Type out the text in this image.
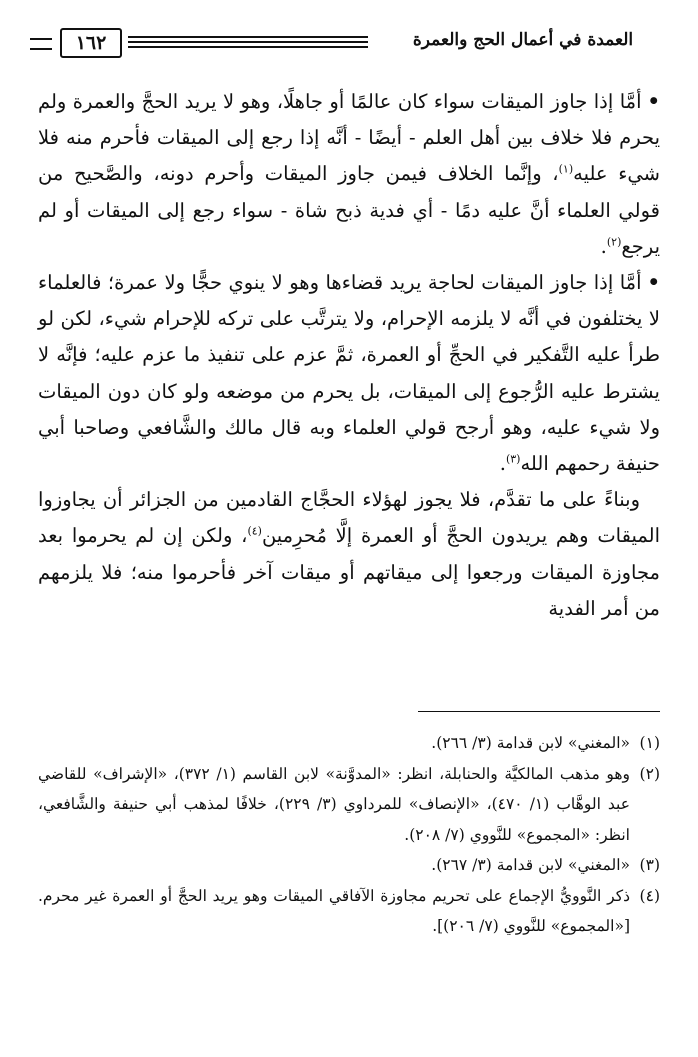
١٦٢	العمدة في أعمال الحج والعمرة

•أمَّا إذا جاوز الميقات سواء كان عالمًا أو جاهلًا، وهو لا يريد الحجَّ والعمرة ولم يحرم فلا خلاف بين أهل العلم - أيضًا - أنَّه إذا رجع إلى الميقات فأحرم منه فلا شيء عليه$^{(١)}$، وإنَّما الخلاف فيمن جاوز الميقات وأحرم دونه، والصَّحيح من قولي العلماء أنَّ عليه دمًا - أي فدية ذبح شاة - سواء رجع إلى الميقات أو لم يرجع$^{(٢)}$.

•أمَّا إذا جاوز الميقات لحاجة يريد قضاءها وهو لا ينوي حجًّا ولا عمرة؛ فالعلماء لا يختلفون في أنَّه لا يلزمه الإحرام، ولا يترتَّب على تركه للإحرام شيء، لكن لو طرأ عليه التَّفكير في الحجِّ أو العمرة، ثمَّ عزم على تنفيذ ما عزم عليه؛ فإنَّه لا يشترط عليه الرُّجوع إلى الميقات، بل يحرم من موضعه ولو كان دون الميقات ولا شيء عليه، وهو أرجح قولي العلماء وبه قال مالك والشَّافعي وصاحبا أبي حنيفة رحمهم الله$^{(٣)}$.

وبناءً على ما تقدَّم، فلا يجوز لهؤلاء الحجَّاج القادمين من الجزائر أن يجاوزوا الميقات وهم يريدون الحجَّ أو العمرة إلَّا مُحرِمين$^{(٤)}$، ولكن إن لم يحرموا بعد مجاوزة الميقات ورجعوا إلى ميقاتهم أو ميقات آخر فأحرموا منه؛ فلا يلزمهم من أمر الفدية

(١)
«المغني» لابن قدامة (٣/ ٢٦٦).

(٢)
وهو مذهب المالكيَّة والحنابلة، انظر: «المدوَّنة» لابن القاسم (١/ ٣٧٢)، «الإشراف» للقاضي عبد الوهَّاب (١/ ٤٧٠)، «الإنصاف» للمرداوي (٣/ ٢٢٩)، خلافًا لمذهب أبي حنيفة والشَّافعي، انظر: «المجموع» للنَّووي (٧/ ٢٠٨).

(٣)
«المغني» لابن قدامة (٣/ ٢٦٧).

(٤)
ذكر النَّوويُّ الإجماع على تحريم مجاوزة الآفاقي الميقات وهو يريد الحجَّ أو العمرة غير محرم. [«المجموع» للنَّووي (٧/ ٢٠٦)].
